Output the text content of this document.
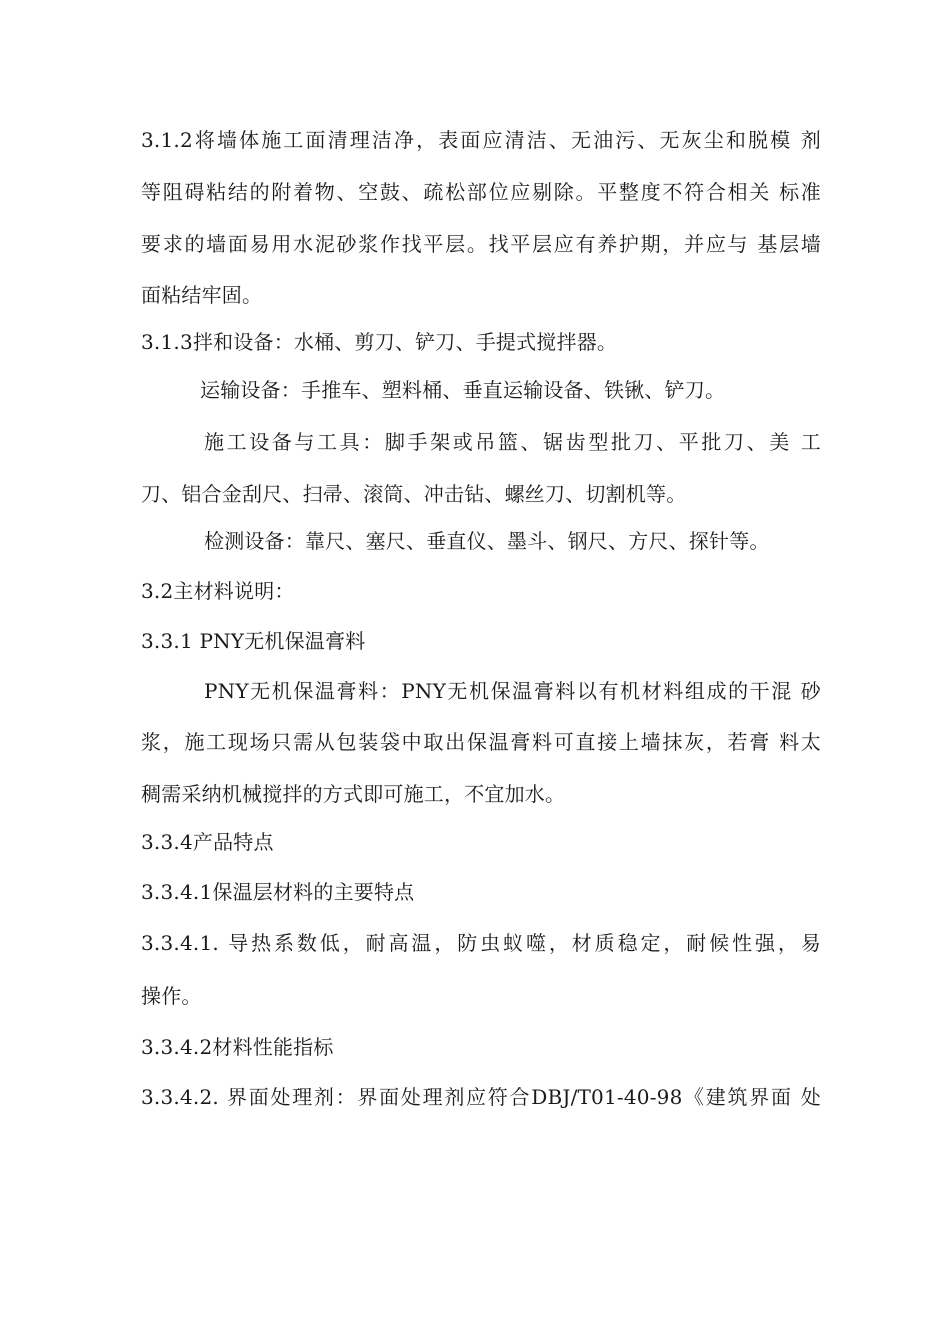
3.1.2将墙体施工面清理洁净，表面应清洁、无油污、无灰尘和脱模 剂
等阻碍粘结的附着物、空鼓、疏松部位应剔除。平整度不符合相关 标准
要求的墙面易用水泥砂浆作找平层。找平层应有养护期，并应与 基层墙
面粘结牢固。
3.1.3拌和设备：水桶、剪刀、铲刀、手提式搅拌器。
运输设备：手推车、塑料桶、垂直运输设备、铁锹、铲刀。
施工设备与工具：脚手架或吊篮、锯齿型批刀、平批刀、美 工
刀、铝合金刮尺、扫帚、滚筒、冲击钻、螺丝刀、切割机等。
检测设备：靠尺、塞尺、垂直仪、墨斗、钢尺、方尺、探针等。
3.2主材料说明：
3.3.1 PNY无机保温膏料
PNY无机保温膏料：PNY无机保温膏料以有机材料组成的干混 砂
浆，施工现场只需从包装袋中取出保温膏料可直接上墙抹灰，若膏 料太
稠需采纳机械搅拌的方式即可施工，不宜加水。
3.3.4产品特点
3.3.4.1保温层材料的主要特点
3.3.4.1. 导热系数低，耐高温，防虫蚁噬，材质稳定，耐候性强，易
操作。
3.3.4.2材料性能指标
3.3.4.2. 界面处理剂：界面处理剂应符合DBJ/T01-40-98《建筑界面 处
